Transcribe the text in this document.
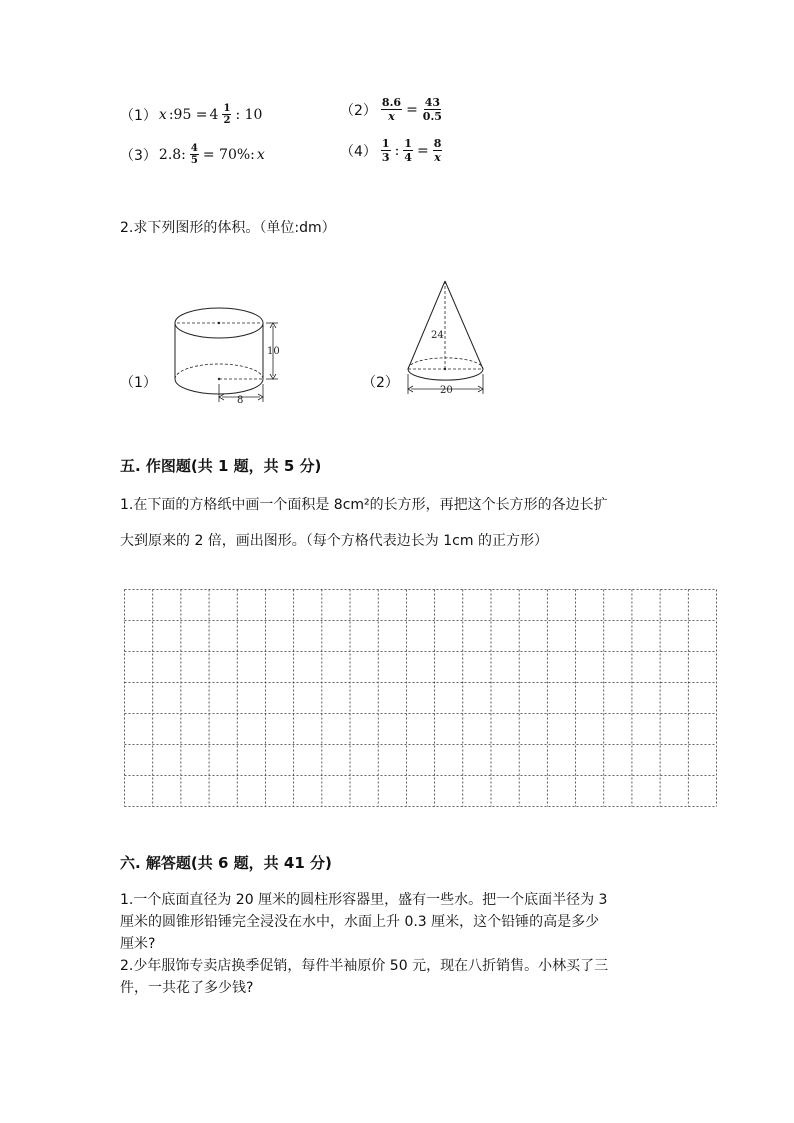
（1） x :95 = $4 \frac{1}{2}$ : 10	$(2) \frac{8.6}{x} = \frac{43}{0.5}$
（3） 2.8: $\frac{4}{5} = 70\%$: x	$(4) \frac{1}{3}$ : $\frac{1}{4} = \frac{8}{x}$
2.求下列图形的体积。（单位:dm）
（1）	（2）
10
8
24
20
五. 作图题(共 1 题，共 5 分)
1.在下面的方格纸中画一个面积是 8cm²的长方形，再把这个长方形的各边长扩
大到原来的 2 倍，画出图形。（每个方格代表边长为 1cm 的正方形）
六. 解答题(共 6 题，共 41 分)
1.一个底面直径为 20 厘米的圆柱形容器里，盛有一些水。把一个底面半径为 3
厘米的圆锥形铅锤完全浸没在水中，水面上升 0.3 厘米，这个铅锤的高是多少
厘米?
2.少年服饰专卖店换季促销，每件半袖原价 50 元，现在八折销售。小林买了三
件，一共花了多少钱?
